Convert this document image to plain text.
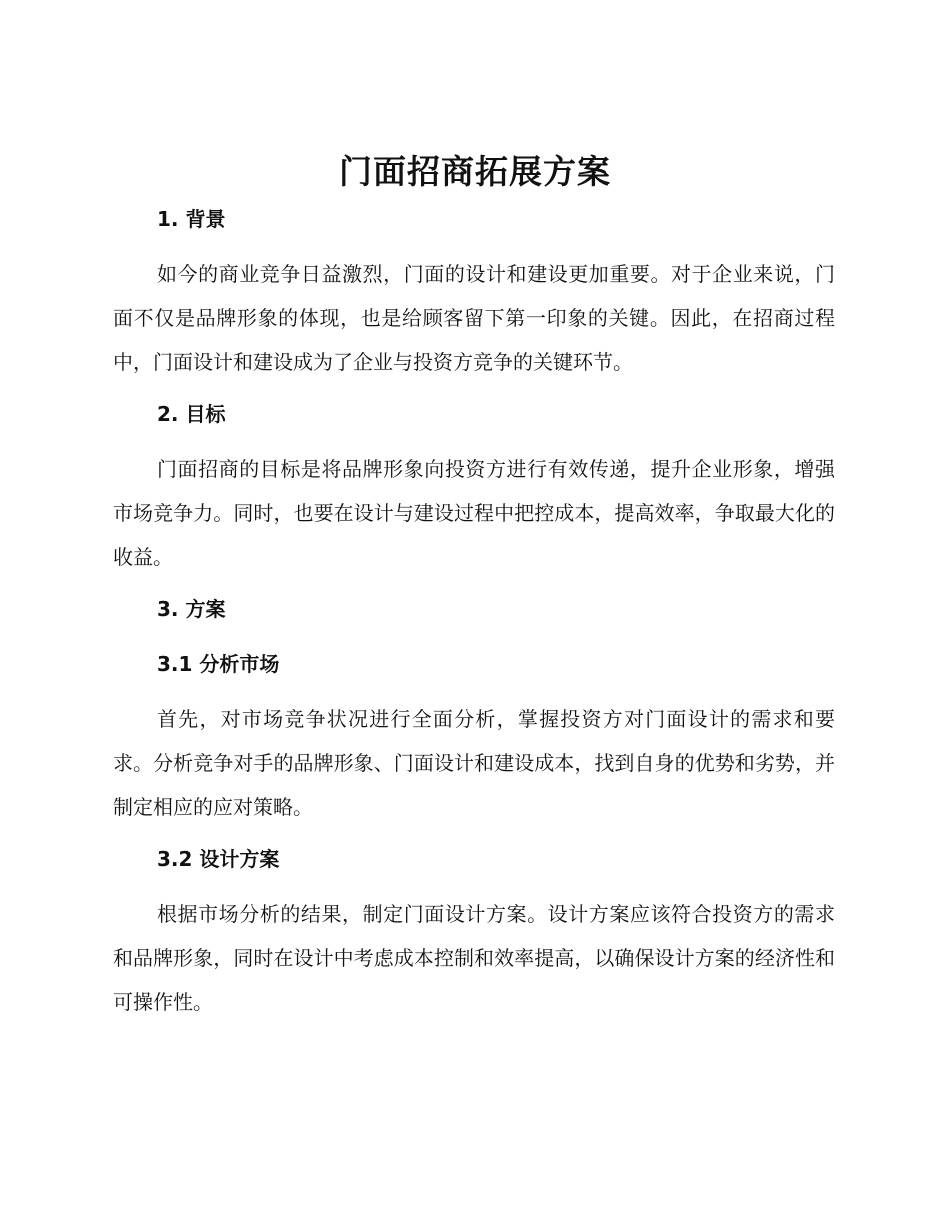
门面招商拓展方案
1. 背景
如今的商业竞争日益激烈，门面的设计和建设更加重要。对于企业来说，门面不仅是品牌形象的体现，也是给顾客留下第一印象的关键。因此，在招商过程中，门面设计和建设成为了企业与投资方竞争的关键环节。
2. 目标
门面招商的目标是将品牌形象向投资方进行有效传递，提升企业形象，增强市场竞争力。同时，也要在设计与建设过程中把控成本，提高效率，争取最大化的收益。
3. 方案
3.1 分析市场
首先，对市场竞争状况进行全面分析，掌握投资方对门面设计的需求和要求。分析竞争对手的品牌形象、门面设计和建设成本，找到自身的优势和劣势，并制定相应的应对策略。
3.2 设计方案
根据市场分析的结果，制定门面设计方案。设计方案应该符合投资方的需求和品牌形象，同时在设计中考虑成本控制和效率提高，以确保设计方案的经济性和可操作性。
